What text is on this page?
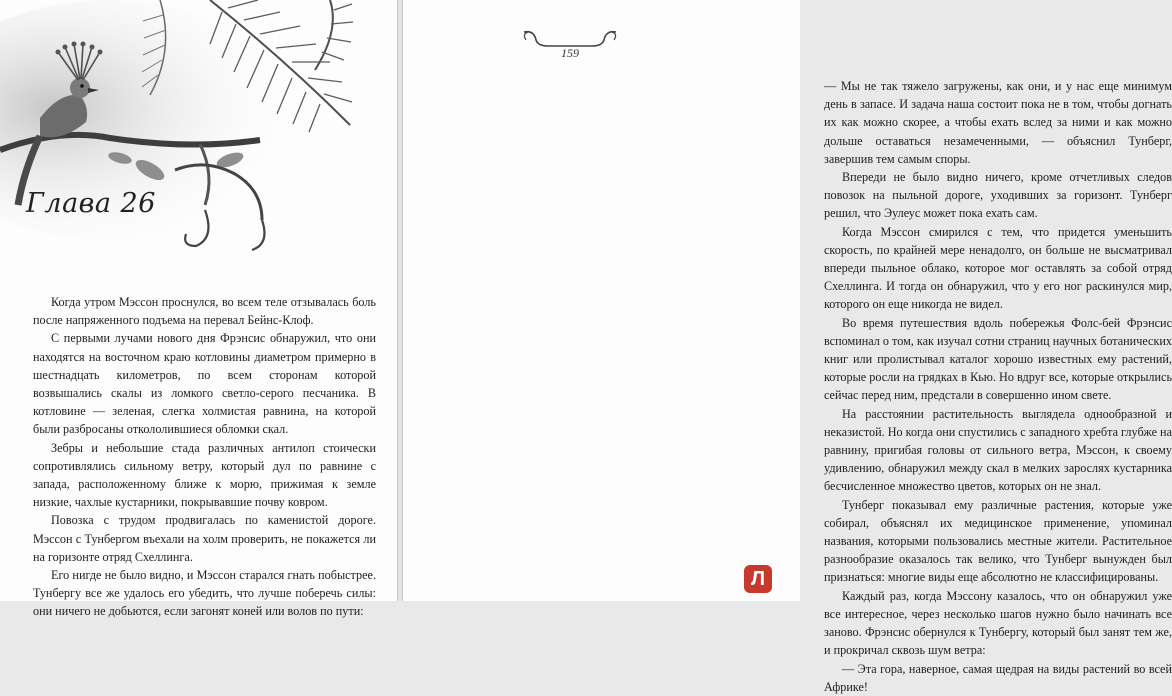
Глава 26

Когда утром Мэссон проснулся, во всем теле отзывалась боль после напряженного подъема на перевал Бейнс-Клоф.

С первыми лучами нового дня Фрэнсис обнаружил, что они находятся на восточном краю котловины диаметром примерно в шестнадцать километров, по всем сторонам которой возвышались скалы из ломкого светло-серого песчаника. В котловине — зеленая, слегка холмистая равнина, на которой были разбросаны откололившиеся обломки скал.

Зебры и небольшие стада различных антилоп стоически сопротивлялись сильному ветру, который дул по равнине с запада, расположенному ближе к морю, прижимая к земле низкие, чахлые кустарники, покрывавшие почву ковром.

Повозка с трудом продвигалась по каменистой дороге. Мэссон с Тунбергом въехали на холм проверить, не покажется ли на горизонте отряд Схеллинга.

Его нигде не было видно, и Мэссон старался гнать побыстрее. Тунбергу все же удалось его убедить, что лучше поберечь силы: они ничего не добьются, если загонят коней или волов по пути:

— Мы не так тяжело загружены, как они, и у нас еще минимум день в запасе. И задача наша состоит пока не в том, чтобы догнать их как можно скорее, а чтобы ехать вслед за ними и как можно дольше оставаться незамеченными, — объяснил Тунберг, завершив тем самым споры.

Впереди не было видно ничего, кроме отчетливых следов повозок на пыльной дороге, уходивших за горизонт. Тунберг решил, что Эулеус может пока ехать сам.

Когда Мэссон смирился с тем, что придется уменьшить скорость, по крайней мере ненадолго, он больше не высматривал впереди пыльное облако, которое мог оставлять за собой отряд Схеллинга. И тогда он обнаружил, что у его ног раскинулся мир, которого он еще никогда не видел.

Во время путешествия вдоль побережья Фолс-бей Фрэнсис вспоминал о том, как изучал сотни страниц научных ботанических книг или пролистывал каталог хорошо известных ему растений, которые росли на грядках в Кью. Но вдруг все, которые открылись сейчас перед ним, предстали в совершенно ином свете.

На расстоянии растительность выглядела однообразной и неказистой. Но когда они спустились с западного хребта глубже на равнину, пригибая головы от сильного ветра, Мэссон, к своему удивлению, обнаружил между скал в мелких зарослях кустарника бесчисленное множество цветов, которых он не знал.

Тунберг показывал ему различные растения, которые уже собирал, объяснял их медицинское применение, упоминал названия, которыми пользовались местные жители. Растительное разнообразие оказалось так велико, что Тунберг вынужден был признаться: многие виды еще абсолютно не классифицированы.

Каждый раз, когда Мэссону казалось, что он обнаружил уже все интересное, через несколько шагов нужно было начинать все заново. Фрэнсис обернулся к Тунбергу, который был занят тем же, и прокричал сквозь шум ветра:

— Эта гора, наверное, самая щедрая на виды растений во всей Африке!

159
Л
